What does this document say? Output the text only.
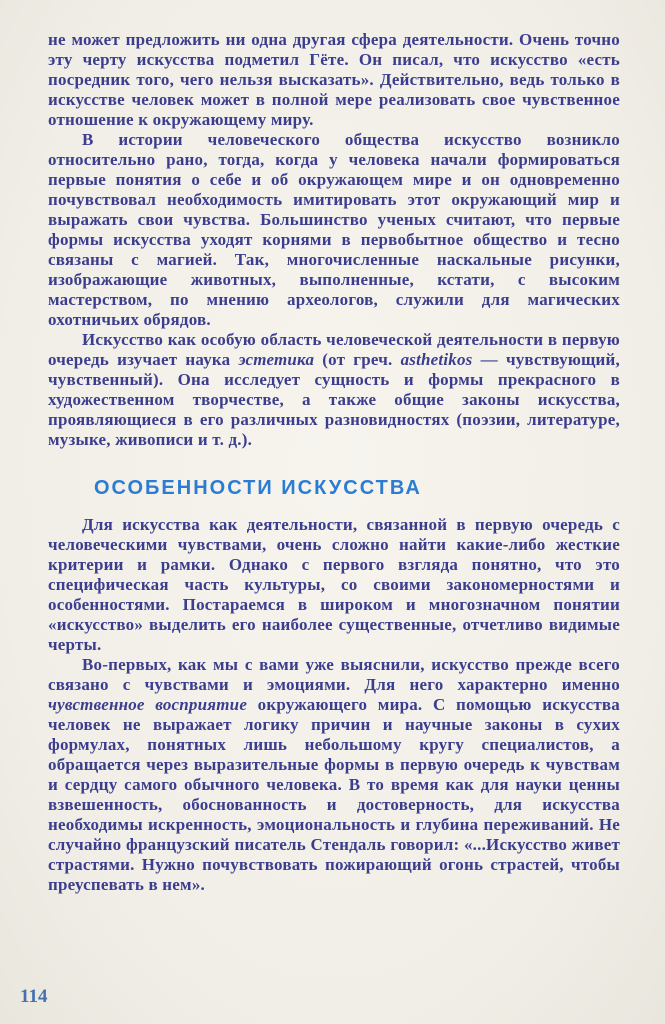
не может предложить ни одна другая сфера деятельности. Очень точно эту черту искусства подметил Гёте. Он писал, что искусство «есть посредник того, чего нельзя высказать». Действительно, ведь только в искусстве человек может в полной мере реализовать свое чувственное отношение к окружающему миру.

В истории человеческого общества искусство возникло относительно рано, тогда, когда у человека начали формироваться первые понятия о себе и об окружающем мире и он одновременно почувствовал необходимость имитировать этот окружающий мир и выражать свои чувства. Большинство ученых считают, что первые формы искусства уходят корнями в первобытное общество и тесно связаны с магией. Так, многочисленные наскальные рисунки, изображающие животных, выполненные, кстати, с высоким мастерством, по мнению археологов, служили для магических охотничьих обрядов.

Искусство как особую область человеческой деятельности в первую очередь изучает наука эстетика (от греч. asthetikos — чувствующий, чувственный). Она исследует сущность и формы прекрасного в художественном творчестве, а также общие законы искусства, проявляющиеся в его различных разновидностях (поэзии, литературе, музыке, живописи и т. д.).

ОСОБЕННОСТИ ИСКУССТВА

Для искусства как деятельности, связанной в первую очередь с человеческими чувствами, очень сложно найти какие-либо жесткие критерии и рамки. Однако с первого взгляда понятно, что это специфическая часть культуры, со своими закономерностями и особенностями. Постараемся в широком и многозначном понятии «искусство» выделить его наиболее существенные, отчетливо видимые черты.

Во-первых, как мы с вами уже выяснили, искусство прежде всего связано с чувствами и эмоциями. Для него характерно именно чувственное восприятие окружающего мира. С помощью искусства человек не выражает логику причин и научные законы в сухих формулах, понятных лишь небольшому кругу специалистов, а обращается через выразительные формы в первую очередь к чувствам и сердцу самого обычного человека. В то время как для науки ценны взвешенность, обоснованность и достоверность, для искусства необходимы искренность, эмоциональность и глубина переживаний. Не случайно французский писатель Стендаль говорил: «...Искусство живет страстями. Нужно почувствовать пожирающий огонь страстей, чтобы преуспевать в нем».

114
